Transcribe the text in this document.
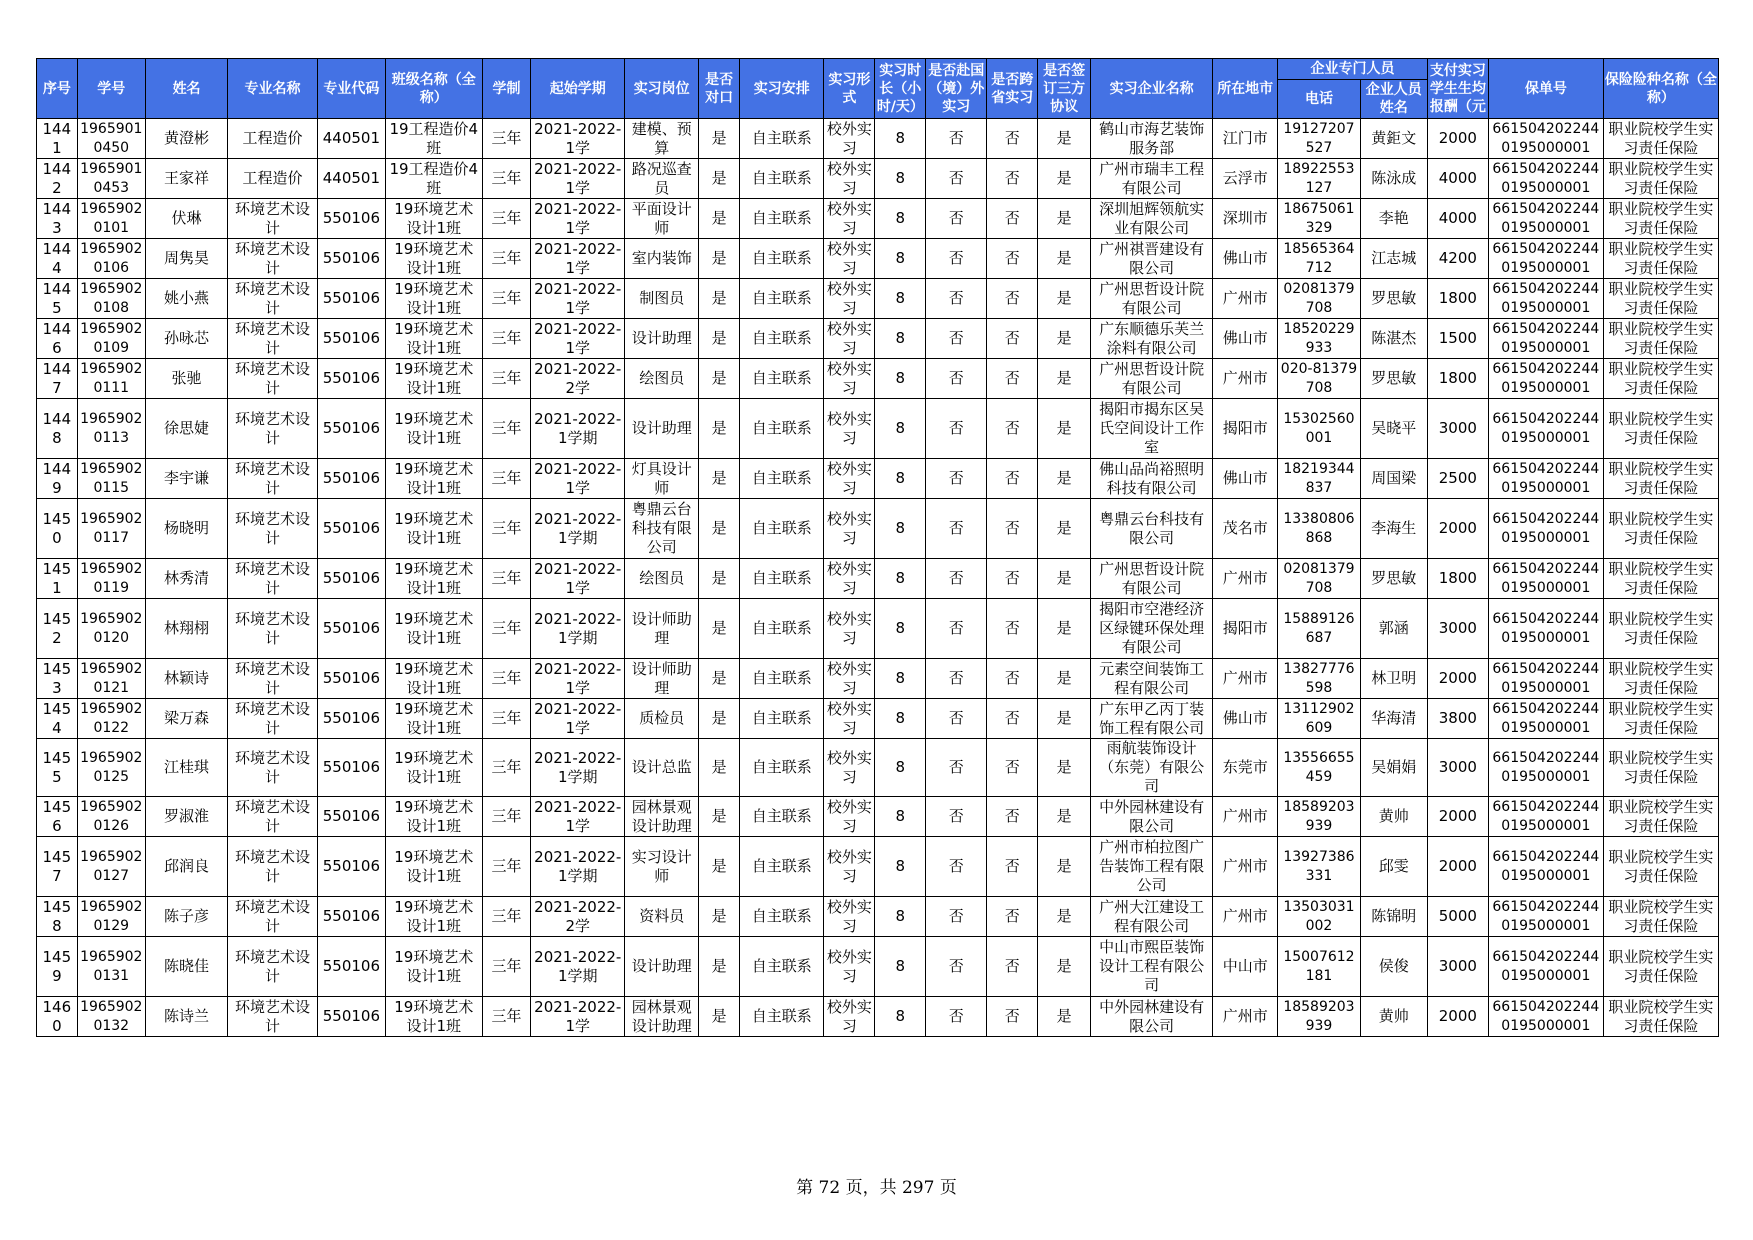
序号	学号	姓名	专业名称	专业代码	班级名称（全称）	学制	起始学期	实习岗位	是否对口	实习安排	实习形式	实习时长（小时/天）	是否赴国（境）外实习	是否跨省实习	是否签订三方协议	实习企业名称	所在地市	企业专门人员		支付实习学生生均报酬（元	保单号	保险险种名称（全称）
																		电话	企业人员姓名			
1441	19659010450	黄澄彬	工程造价	440501	19工程造价4班	三年	2021-2022-1学	建模、预算	是	自主联系	校外实习	8	否	否	是	鹤山市海艺装饰服务部	江门市	19127207527	黄鉅文	2000	6615042022440195000001	职业院校学生实习责任保险
1442	19659010453	王家祥	工程造价	440501	19工程造价4班	三年	2021-2022-1学	路况巡查员	是	自主联系	校外实习	8	否	否	是	广州市瑞丰工程有限公司	云浮市	18922553127	陈泳成	4000	6615042022440195000001	职业院校学生实习责任保险
1443	19659020101	伏琳	环境艺术设计	550106	19环境艺术设计1班	三年	2021-2022-1学	平面设计师	是	自主联系	校外实习	8	否	否	是	深圳旭辉领航实业有限公司	深圳市	18675061329	李艳	4000	6615042022440195000001	职业院校学生实习责任保险
1444	19659020106	周隽昊	环境艺术设计	550106	19环境艺术设计1班	三年	2021-2022-1学	室内装饰	是	自主联系	校外实习	8	否	否	是	广州祺晋建设有限公司	佛山市	18565364712	江志城	4200	6615042022440195000001	职业院校学生实习责任保险
1445	19659020108	姚小燕	环境艺术设计	550106	19环境艺术设计1班	三年	2021-2022-1学	制图员	是	自主联系	校外实习	8	否	否	是	广州思哲设计院有限公司	广州市	02081379708	罗思敏	1800	6615042022440195000001	职业院校学生实习责任保险
1446	19659020109	孙咏芯	环境艺术设计	550106	19环境艺术设计1班	三年	2021-2022-1学	设计助理	是	自主联系	校外实习	8	否	否	是	广东顺德乐芙兰涂料有限公司	佛山市	18520229933	陈湛杰	1500	6615042022440195000001	职业院校学生实习责任保险
1447	19659020111	张驰	环境艺术设计	550106	19环境艺术设计1班	三年	2021-2022-2学	绘图员	是	自主联系	校外实习	8	否	否	是	广州思哲设计院有限公司	广州市	020-81379708	罗思敏	1800	6615042022440195000001	职业院校学生实习责任保险
1448	19659020113	徐思婕	环境艺术设计	550106	19环境艺术设计1班	三年	2021-2022-1学期	设计助理	是	自主联系	校外实习	8	否	否	是	揭阳市揭东区吴氏空间设计工作室	揭阳市	15302560001	吴晓平	3000	6615042022440195000001	职业院校学生实习责任保险
1449	19659020115	李宇谦	环境艺术设计	550106	19环境艺术设计1班	三年	2021-2022-1学	灯具设计师	是	自主联系	校外实习	8	否	否	是	佛山品尚裕照明科技有限公司	佛山市	18219344837	周国梁	2500	6615042022440195000001	职业院校学生实习责任保险
1450	19659020117	杨晓明	环境艺术设计	550106	19环境艺术设计1班	三年	2021-2022-1学期	粤鼎云台科技有限公司	是	自主联系	校外实习	8	否	否	是	粤鼎云台科技有限公司	茂名市	13380806868	李海生	2000	6615042022440195000001	职业院校学生实习责任保险
1451	19659020119	林秀清	环境艺术设计	550106	19环境艺术设计1班	三年	2021-2022-1学	绘图员	是	自主联系	校外实习	8	否	否	是	广州思哲设计院有限公司	广州市	02081379708	罗思敏	1800	6615042022440195000001	职业院校学生实习责任保险
1452	19659020120	林翔栩	环境艺术设计	550106	19环境艺术设计1班	三年	2021-2022-1学期	设计师助理	是	自主联系	校外实习	8	否	否	是	揭阳市空港经济区绿键环保处理有限公司	揭阳市	15889126687	郭涵	3000	6615042022440195000001	职业院校学生实习责任保险
1453	19659020121	林颖诗	环境艺术设计	550106	19环境艺术设计1班	三年	2021-2022-1学	设计师助理	是	自主联系	校外实习	8	否	否	是	元素空间装饰工程有限公司	广州市	13827776598	林卫明	2000	6615042022440195000001	职业院校学生实习责任保险
1454	19659020122	梁万森	环境艺术设计	550106	19环境艺术设计1班	三年	2021-2022-1学	质检员	是	自主联系	校外实习	8	否	否	是	广东甲乙丙丁装饰工程有限公司	佛山市	13112902609	华海清	3800	6615042022440195000001	职业院校学生实习责任保险
1455	19659020125	江桂琪	环境艺术设计	550106	19环境艺术设计1班	三年	2021-2022-1学期	设计总监	是	自主联系	校外实习	8	否	否	是	雨航装饰设计（东莞）有限公司	东莞市	13556655459	吴娟娟	3000	6615042022440195000001	职业院校学生实习责任保险
1456	19659020126	罗淑淮	环境艺术设计	550106	19环境艺术设计1班	三年	2021-2022-1学	园林景观设计助理	是	自主联系	校外实习	8	否	否	是	中外园林建设有限公司	广州市	18589203939	黄帅	2000	6615042022440195000001	职业院校学生实习责任保险
1457	19659020127	邱润良	环境艺术设计	550106	19环境艺术设计1班	三年	2021-2022-1学期	实习设计师	是	自主联系	校外实习	8	否	否	是	广州市柏拉图广告装饰工程有限公司	广州市	13927386331	邱雯	2000	6615042022440195000001	职业院校学生实习责任保险
1458	19659020129	陈子彦	环境艺术设计	550106	19环境艺术设计1班	三年	2021-2022-2学	资料员	是	自主联系	校外实习	8	否	否	是	广州大江建设工程有限公司	广州市	13503031002	陈锦明	5000	6615042022440195000001	职业院校学生实习责任保险
1459	19659020131	陈晓佳	环境艺术设计	550106	19环境艺术设计1班	三年	2021-2022-1学期	设计助理	是	自主联系	校外实习	8	否	否	是	中山市熙臣装饰设计工程有限公司	中山市	15007612181	侯俊	3000	6615042022440195000001	职业院校学生实习责任保险
1460	19659020132	陈诗兰	环境艺术设计	550106	19环境艺术设计1班	三年	2021-2022-1学	园林景观设计助理	是	自主联系	校外实习	8	否	否	是	中外园林建设有限公司	广州市	18589203939	黄帅	2000	6615042022440195000001	职业院校学生实习责任保险
第 72 页，共 297 页
